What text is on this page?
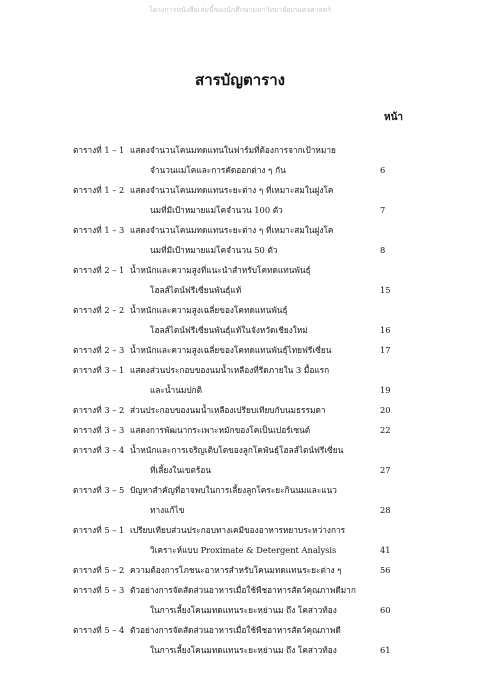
โครงการหนังสือเล่มนี้ของนักศึกษามหาวิทยาลัยเกษตรศาสตร์
สารบัญตาราง
หน้า
ตารางที่ 1 – 1 แสดงจำนวนโคนมทดแทนในฟาร์มที่ต้องการจากเป้าหมาย
จำนวนแม่โคและการคัดออกต่าง ๆ กัน	6
ตารางที่ 1 – 2 แสดงจำนวนโคนมทดแทนระยะต่าง ๆ ที่เหมาะสมในฝูงโค
นมที่มีเป้าหมายแม่โคจำนวน 100 ตัว	7
ตารางที่ 1 – 3 แสดงจำนวนโคนมทดแทนระยะต่าง ๆ ที่เหมาะสมในฝูงโค
นมที่มีเป้าหมายแม่โคจำนวน 50 ตัว	8
ตารางที่ 2 – 1 น้ำหนักและความสูงที่แนะนำสำหรับโคทดแทนพันธุ์
โฮลส์ไตน์ฟรีเซี่ยนพันธุ์แท้	15
ตารางที่ 2 – 2 น้ำหนักและความสูงเฉลี่ยของโคทดแทนพันธุ์
โฮลส์ไตน์ฟรีเซี่ยนพันธุ์แท้ในจังหวัดเชียงใหม่	16
ตารางที่ 2 – 3 น้ำหนักและความสูงเฉลี่ยของโคทดแทนพันธุ์ไทยฟรีเซี่ยน	17
ตารางที่ 3 – 1 แสดงส่วนประกอบของนมน้ำเหลืองที่รีดภายใน 3 มื้อแรก
และน้ำนมปกติ	19
ตารางที่ 3 – 2 ส่วนประกอบของนมน้ำเหลืองเปรียบเทียบกับนมธรรมดา	20
ตารางที่ 3 – 3 แสดงการพัฒนากระเพาะหมักของโคเป็นเปอร์เซนต์	22
ตารางที่ 3 – 4 น้ำหนักและการเจริญเติบโตของลูกโคพันธุ์โฮลส์ไตน์ฟรีเซี่ยน
ที่เลี้ยงในเขตร้อน	27
ตารางที่ 3 – 5 ปัญหาสำคัญที่อาจพบในการเลี้ยงลูกโคระยะกินนมและแนว
ทางแก้ไข	28
ตารางที่ 5 – 1 เปรียบเทียบส่วนประกอบทางเคมีของอาหารหยาบระหว่างการ
วิเคราะห์แบบ Proximate & Detergent Analysis	41
ตารางที่ 5 – 2 ความต้องการโภชนะอาหารสำหรับโคนมทดแทนระยะต่าง ๆ	56
ตารางที่ 5 – 3 ตัวอย่างการจัดสัดส่วนอาหารเมื่อใช้พืชอาหารสัตว์คุณภาพดีมาก
ในการเลี้ยงโคนมทดแทนระยะหย่านม ถึง โคสาวท้อง	60
ตารางที่ 5 – 4 ตัวอย่างการจัดสัดส่วนอาหารเมื่อใช้พืชอาหารสัตว์คุณภาพดี
ในการเลี้ยงโคนมทดแทนระยะหย่านม ถึง โคสาวท้อง	61
